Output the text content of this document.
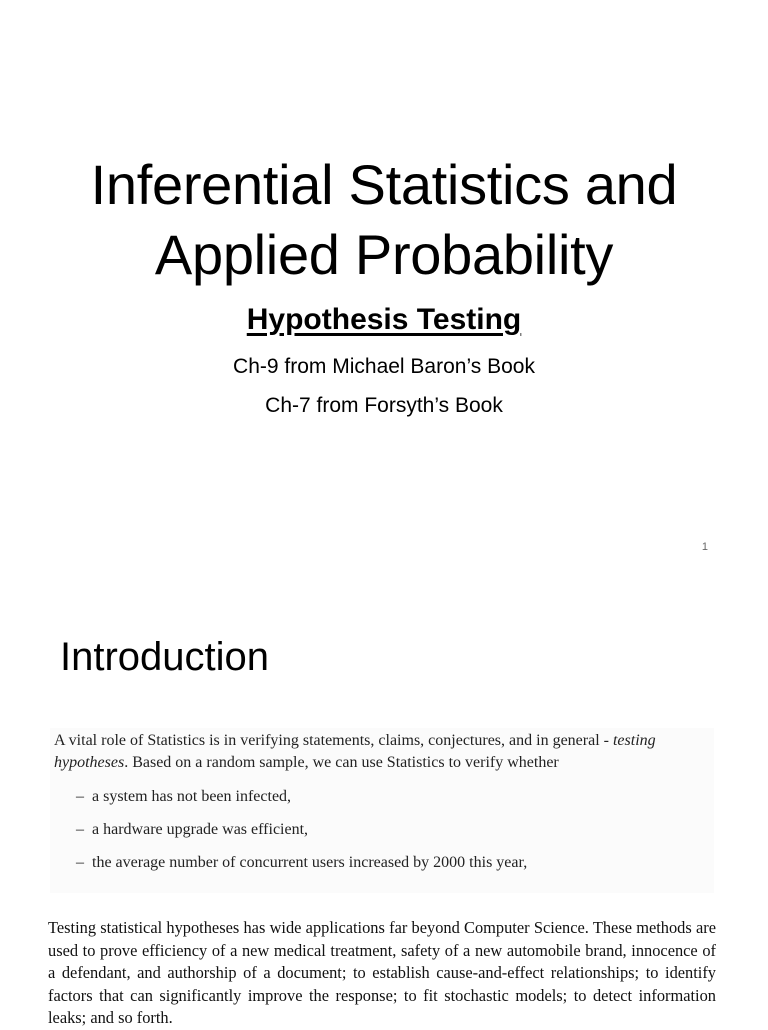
Inferential Statistics and
Applied Probability
Hypothesis Testing
Ch-9 from Michael Baron’s Book
Ch-7 from Forsyth’s Book
1
Introduction

A vital role of Statistics is in verifying statements, claims, conjectures, and in general - testing hypotheses. Based on a random sample, we can use Statistics to verify whether

– a system has not been infected,
– a hardware upgrade was efficient,
– the average number of concurrent users increased by 2000 this year,
Testing statistical hypotheses has wide applications far beyond Computer Science. These methods are used to prove efficiency of a new medical treatment, safety of a new automobile brand, innocence of a defendant, and authorship of a document; to establish cause-and-effect relationships; to identify factors that can significantly improve the response; to fit stochastic models; to detect information leaks; and so forth.
